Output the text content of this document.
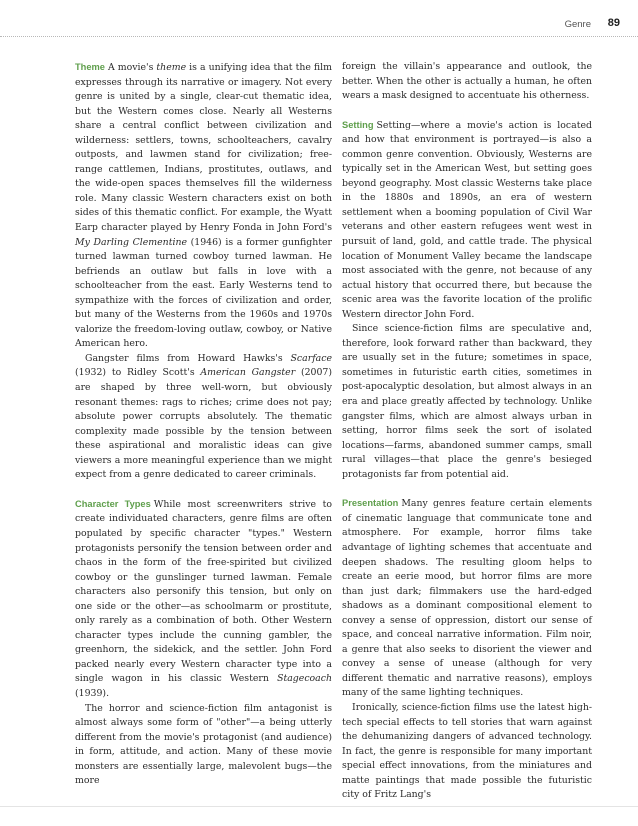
Genre 89

Theme A movie's theme is a unifying idea that the film expresses through its narrative or imagery. Not every genre is united by a single, clear-cut thematic idea, but the Western comes close. Nearly all Westerns share a central conflict between civilization and wilderness: settlers, towns, schoolteachers, cavalry outposts, and lawmen stand for civilization; free-range cattlemen, Indians, prostitutes, outlaws, and the wide-open spaces themselves fill the wilderness role. Many classic Western characters exist on both sides of this thematic conflict. For example, the Wyatt Earp character played by Henry Fonda in John Ford's My Darling Clementine (1946) is a former gunfighter turned lawman turned cowboy turned lawman. He befriends an outlaw but falls in love with a schoolteacher from the east. Early Westerns tend to sympathize with the forces of civilization and order, but many of the Westerns from the 1960s and 1970s valorize the freedom-loving outlaw, cowboy, or Native American hero.

Gangster films from Howard Hawks's Scarface (1932) to Ridley Scott's American Gangster (2007) are shaped by three well-worn, but obviously resonant themes: rags to riches; crime does not pay; absolute power corrupts absolutely. The thematic complexity made possible by the tension between these aspirational and moralistic ideas can give viewers a more meaningful experience than we might expect from a genre dedicated to career criminals.

Character Types While most screenwriters strive to create individuated characters, genre films are often populated by specific character "types." Western protagonists personify the tension between order and chaos in the form of the free-spirited but civilized cowboy or the gunslinger turned lawman. Female characters also personify this tension, but only on one side or the other—as schoolmarm or prostitute, only rarely as a combination of both. Other Western character types include the cunning gambler, the greenhorn, the sidekick, and the settler. John Ford packed nearly every Western character type into a single wagon in his classic Western Stagecoach (1939).

The horror and science-fiction film antagonist is almost always some form of "other"—a being utterly different from the movie's protagonist (and audience) in form, attitude, and action. Many of these movie monsters are essentially large, malevolent bugs—the more

foreign the villain's appearance and outlook, the better. When the other is actually a human, he often wears a mask designed to accentuate his otherness.

Setting Setting—where a movie's action is located and how that environment is portrayed—is also a common genre convention. Obviously, Westerns are typically set in the American West, but setting goes beyond geography. Most classic Westerns take place in the 1880s and 1890s, an era of western settlement when a booming population of Civil War veterans and other eastern refugees went west in pursuit of land, gold, and cattle trade. The physical location of Monument Valley became the landscape most associated with the genre, not because of any actual history that occurred there, but because the scenic area was the favorite location of the prolific Western director John Ford.

Since science-fiction films are speculative and, therefore, look forward rather than backward, they are usually set in the future; sometimes in space, sometimes in futuristic earth cities, sometimes in post-apocalyptic desolation, but almost always in an era and place greatly affected by technology. Unlike gangster films, which are almost always urban in setting, horror films seek the sort of isolated locations—farms, abandoned summer camps, small rural villages—that place the genre's besieged protagonists far from potential aid.

Presentation Many genres feature certain elements of cinematic language that communicate tone and atmosphere. For example, horror films take advantage of lighting schemes that accentuate and deepen shadows. The resulting gloom helps to create an eerie mood, but horror films are more than just dark; filmmakers use the hard-edged shadows as a dominant compositional element to convey a sense of oppression, distort our sense of space, and conceal narrative information. Film noir, a genre that also seeks to disorient the viewer and convey a sense of unease (although for very different thematic and narrative reasons), employs many of the same lighting techniques.

Ironically, science-fiction films use the latest high-tech special effects to tell stories that warn against the dehumanizing dangers of advanced technology. In fact, the genre is responsible for many important special effect innovations, from the miniatures and matte paintings that made possible the futuristic city of Fritz Lang's
